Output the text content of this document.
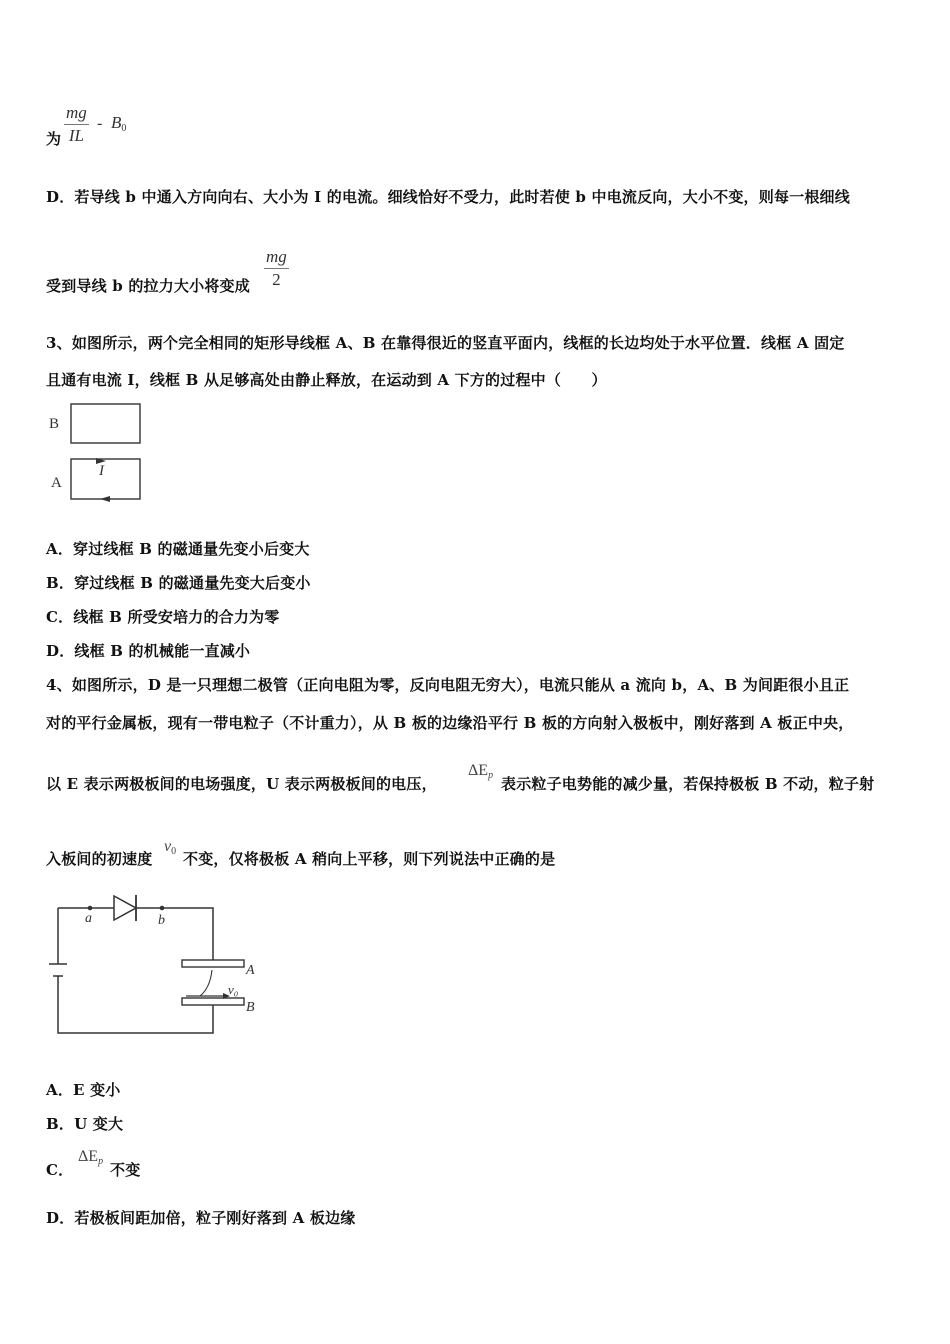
为 $\frac{mg}{IL} - B_0$
D．若导线 b 中通入方向向右、大小为 I 的电流。细线恰好不受力，此时若使 b 中电流反向，大小不变，则每一根细线
受到导线 b 的拉力大小将变成 $\frac{mg}{2}$
3、如图所示，两个完全相同的矩形导线框 A、B 在靠得很近的竖直平面内，线框的长边均处于水平位置．线框 A 固定
且通有电流 I，线框 B 从足够高处由静止释放，在运动到 A 下方的过程中（　　）
B
A
I
A．穿过线框 B 的磁通量先变小后变大
B．穿过线框 B 的磁通量先变大后变小
C．线框 B 所受安培力的合力为零
D．线框 B 的机械能一直减小
4、如图所示，D 是一只理想二极管（正向电阻为零，反向电阻无穷大），电流只能从 a 流向 b，A、B 为间距很小且正
对的平行金属板，现有一带电粒子（不计重力），从 B 板的边缘沿平行 B 板的方向射入极板中，刚好落到 A 板正中央，
以 E 表示两极板间的电场强度，U 表示两极板间的电压，
ΔEp 表示粒子电势能的减少量，若保持极板 B 不动，粒子射
入板间的初速度
v0 不变，仅将极板 A 稍向上平移，则下列说法中正确的是
a	b
A
B
v₀
A．E 变小
B．U 变大
C．
ΔEp 不变
D．若极板间距加倍，粒子刚好落到 A 板边缘
